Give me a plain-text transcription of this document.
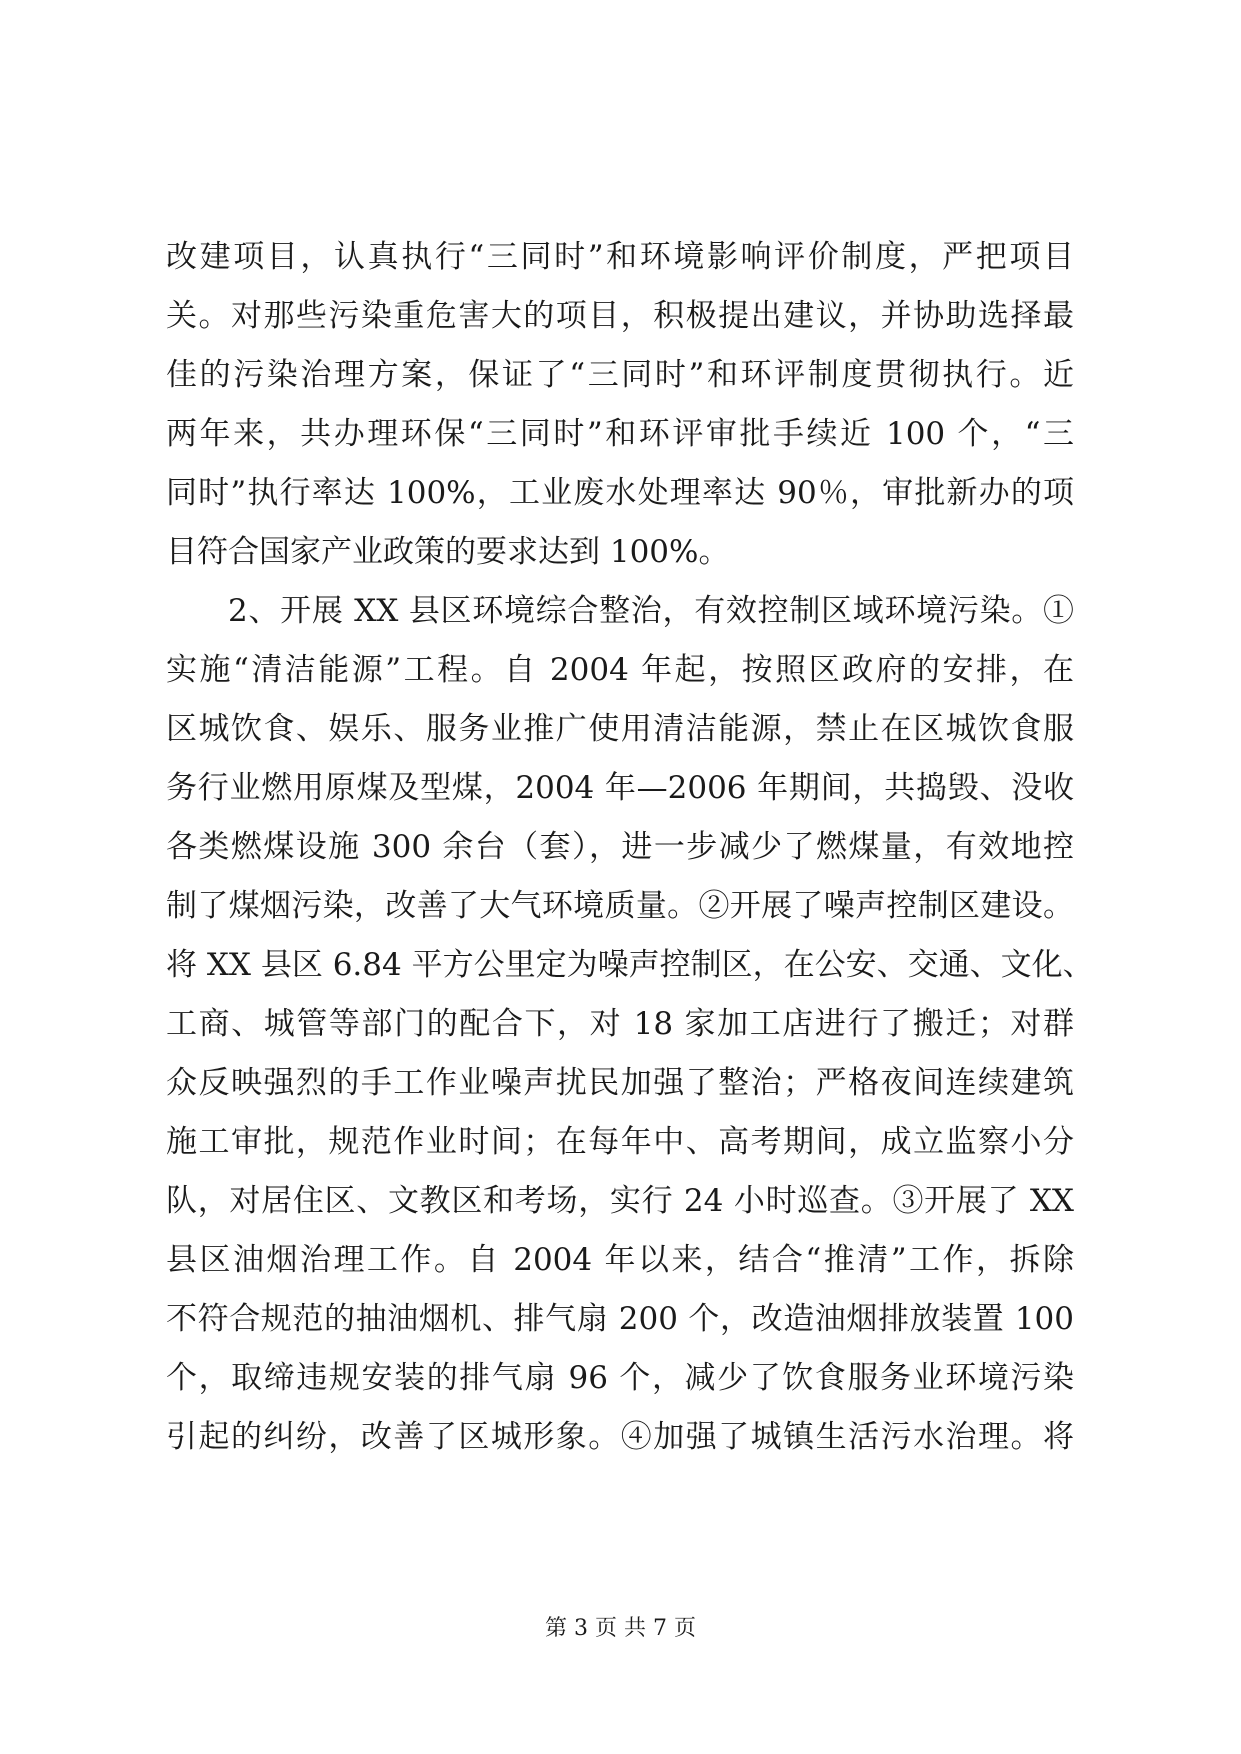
改建项目，认真执行“三同时”和环境影响评价制度，严把项目
关。对那些污染重危害大的项目，积极提出建议，并协助选择最
佳的污染治理方案，保证了“三同时”和环评制度贯彻执行。近
两年来，共办理环保“三同时”和环评审批手续近 100 个，“三
同时”执行率达 100%，工业废水处理率达 90％，审批新办的项
目符合国家产业政策的要求达到 100%。
2、开展 XX 县区环境综合整治，有效控制区域环境污染。①
实施“清洁能源”工程。自 2004 年起，按照区政府的安排，在
区城饮食、娱乐、服务业推广使用清洁能源，禁止在区城饮食服
务行业燃用原煤及型煤，2004 年—2006 年期间，共捣毁、没收
各类燃煤设施 300 余台（套），进一步减少了燃煤量，有效地控
制了煤烟污染，改善了大气环境质量。②开展了噪声控制区建设。
将 XX 县区 6.84 平方公里定为噪声控制区，在公安、交通、文化、
工商、城管等部门的配合下，对 18 家加工店进行了搬迁；对群
众反映强烈的手工作业噪声扰民加强了整治；严格夜间连续建筑
施工审批，规范作业时间；在每年中、高考期间，成立监察小分
队，对居住区、文教区和考场，实行 24 小时巡查。③开展了 XX
县区油烟治理工作。自 2004 年以来，结合“推清”工作，拆除
不符合规范的抽油烟机、排气扇 200 个，改造油烟排放装置 100
个，取缔违规安装的排气扇 96 个，减少了饮食服务业环境污染
引起的纠纷，改善了区城形象。④加强了城镇生活污水治理。将
第 3 页 共 7 页
